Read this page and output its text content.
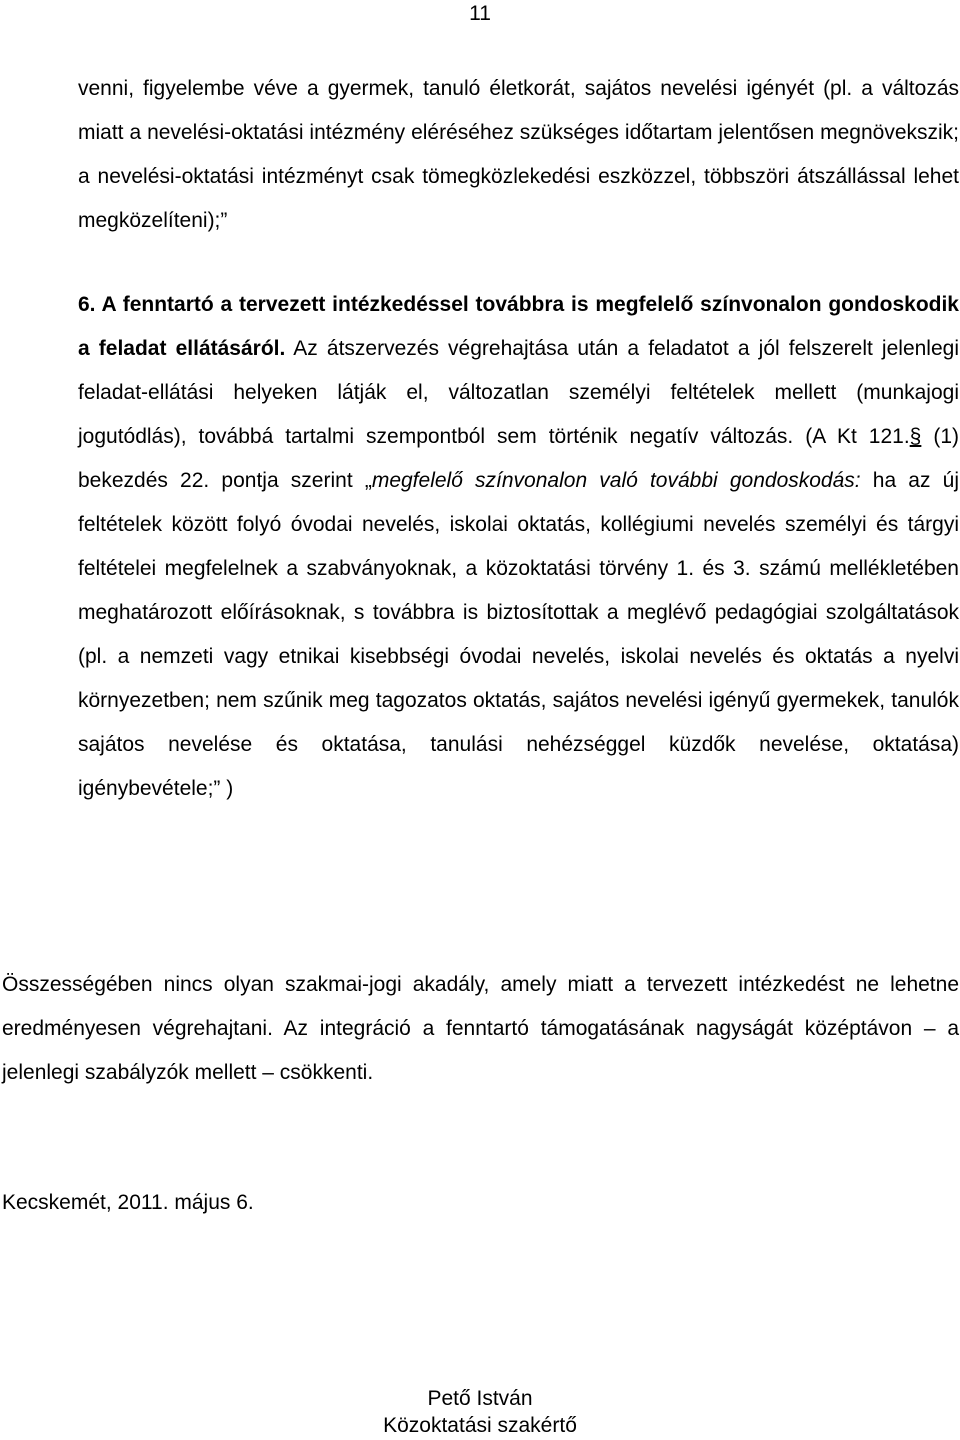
11

venni, figyelembe véve a gyermek, tanuló életkorát, sajátos nevelési igényét (pl. a változás miatt a nevelési-oktatási intézmény eléréséhez szükséges időtartam jelentősen megnövekszik; a nevelési-oktatási intézményt csak tömegközlekedési eszközzel, többszöri átszállással lehet megközelíteni);”

6. A fenntartó a tervezett intézkedéssel továbbra is megfelelő színvonalon gondoskodik a feladat ellátásáról. Az átszervezés végrehajtása után a feladatot a jól felszerelt jelenlegi feladat-ellátási helyeken látják el, változatlan személyi feltételek mellett (munkajogi jogutódlás), továbbá tartalmi szempontból sem történik negatív változás. (A Kt 121.§ (1) bekezdés 22. pontja szerint „megfelelő színvonalon való további gondoskodás: ha az új feltételek között folyó óvodai nevelés, iskolai oktatás, kollégiumi nevelés személyi és tárgyi feltételei megfelelnek a szabványoknak, a közoktatási törvény 1. és 3. számú mellékletében meghatározott előírásoknak, s továbbra is biztosítottak a meglévő pedagógiai szolgáltatások (pl. a nemzeti vagy etnikai kisebbségi óvodai nevelés, iskolai nevelés és oktatás a nyelvi környezetben; nem szűnik meg tagozatos oktatás, sajátos nevelési igényű gyermekek, tanulók sajátos nevelése és oktatása, tanulási nehézséggel küzdők nevelése, oktatása) igénybevétele;” )

Összességében nincs olyan szakmai-jogi akadály, amely miatt a tervezett intézkedést ne lehetne eredményesen végrehajtani. Az integráció a fenntartó támogatásának nagyságát középtávon – a jelenlegi szabályzók mellett – csökkenti.

Kecskemét, 2011. május 6.
Pető István
Közoktatási szakértő
